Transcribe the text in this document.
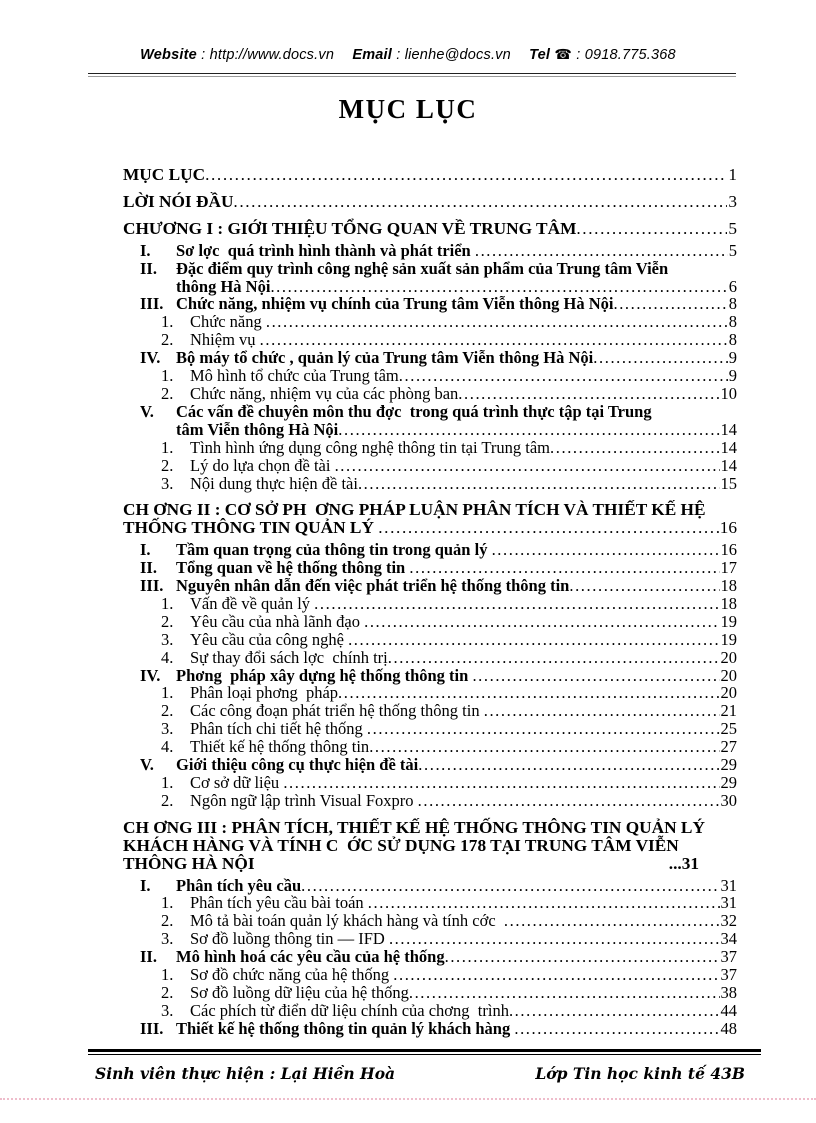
Website : http://www.docs.vn Email : lienhe@docs.vn Tel ☎ : 0918.775.368
MỤC LỤC
MỤC LỤC .....	1
LỜI NÓI ĐẦU .....	3
CHƯƠNG I : GIỚI THIỆU TỔNG QUAN VỀ TRUNG TÂM .....	5
I.	Sơ lợc  quá trình hình thành và phát triển .....	5
II.	Đặc điểm quy trình công nghệ sản xuất sản phẩm của Trung tâm Viễn
thông Hà Nội .....	6
III. Chức năng, nhiệm vụ chính của Trung tâm Viễn thông Hà Nội .....	8
1.	Chức năng .....	8
2.	Nhiệm vụ .....	8
IV. Bộ máy tổ chức , quản lý của Trung tâm Viễn thông Hà Nội .....	9
1.	Mô hình tổ chức của Trung tâm .....	9
2.	Chức năng, nhiệm vụ của các phòng ban .....	10
V.	Các vấn đề chuyên môn thu đợc  trong quá trình thực tập tại Trung
tâm Viễn thông Hà Nội .....	14
1.	Tình hình ứng dụng công nghệ thông tin tại Trung tâm .....	14
2.	Lý do lựa chọn đề tài .....	14
3.	Nội dung thực hiện đề tài .....	15
CH ƠNG II : CƠ SỞ PH  ƠNG PHÁP LUẬN PHÂN TÍCH VÀ THIẾT KẾ HỆ
THỐNG THÔNG TIN QUẢN LÝ .....	16
I.	Tầm quan trọng của thông tin trong quản lý .....	16
II.	Tổng quan về hệ thống thông tin .....	17
III. Nguyên nhân dẫn đến việc phát triển hệ thống thông tin .....	18
1.	Vấn đề về quản lý .....	18
2.	Yêu cầu của nhà lãnh đạo .....	19
3.	Yêu cầu của công nghệ .....	19
4.	Sự thay đổi sách lợc  chính trị .....	20
IV. Phơng  pháp xây dựng hệ thống thông tin .....	20
1.	Phân loại phơng  pháp .....	20
2.	Các công đoạn phát triển hệ thống thông tin .....	21
3.	Phân tích chi tiết hệ thống .....	25
4.	Thiết kế hệ thống thông tin .....	27
V.	Giới thiệu công cụ thực hiện đề tài .....	29
1.	Cơ sở dữ liệu .....	29
2.	Ngôn ngữ lập trình Visual Foxpro .....	30
CH ƠNG III : PHÂN TÍCH, THIẾT KẾ HỆ THỐNG THÔNG TIN QUẢN LÝ
KHÁCH HÀNG VÀ TÍNH C  ỚC SỬ DỤNG 178 TẠI TRUNG TÂM VIỄN
THÔNG HÀ NỘI	...31
I.	Phân tích yêu cầu .....	31
1.	Phân tích yêu cầu bài toán .....	31
2.	Mô tả bài toán quản lý khách hàng và tính cớc .....	32
3.	Sơ đồ luồng thông tin — IFD .....	34
II.	Mô hình hoá các yêu cầu của hệ thống .....	37
1.	Sơ đồ chức năng của hệ thống .....	37
2.	Sơ đồ luồng dữ liệu của hệ thống .....	38
3.	Các phích từ điển dữ liệu chính của chơng  trình .....	44
III. Thiết kế hệ thống thông tin quản lý khách hàng .....	48
Sinh viên thực hiện : Lại Hiền Hoà	Lớp Tin học kinh tế 43B
